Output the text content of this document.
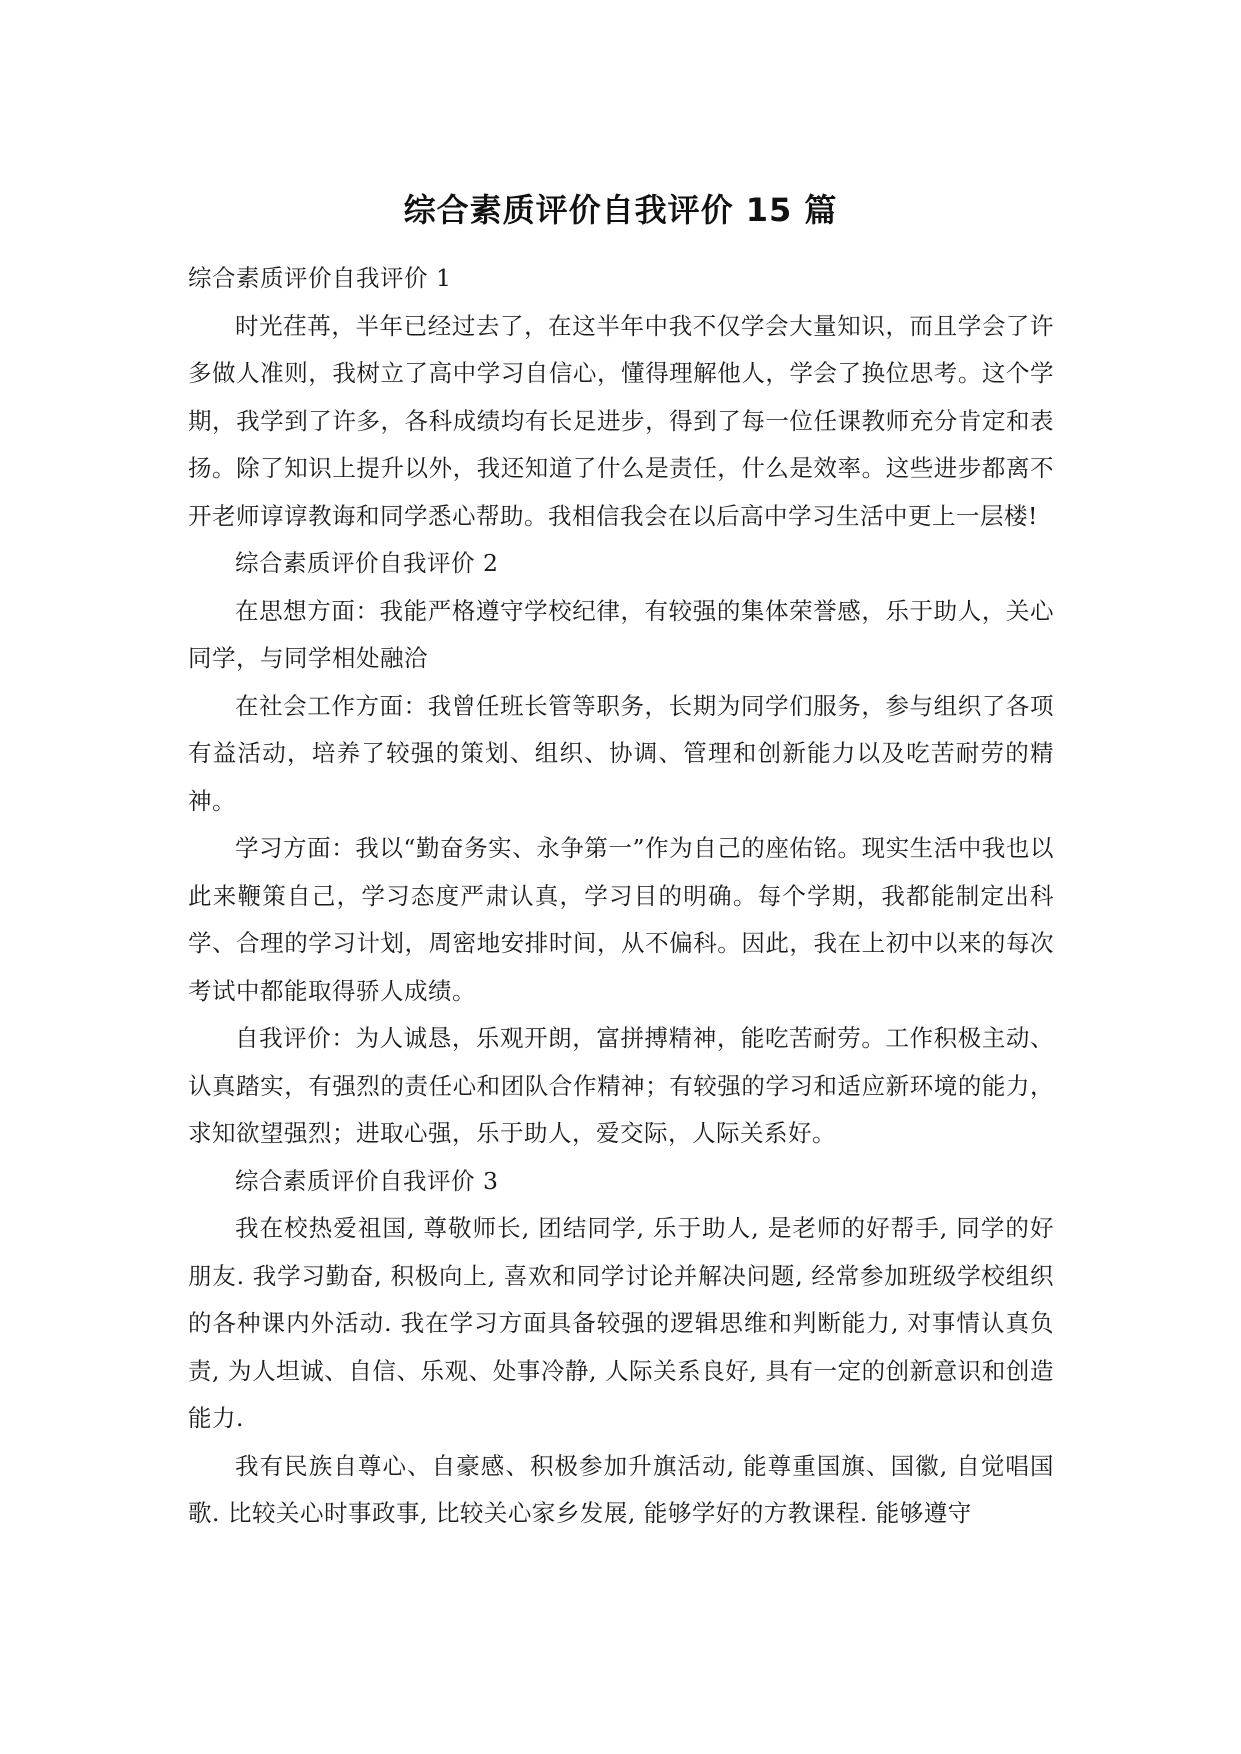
综合素质评价自我评价 15 篇

综合素质评价自我评价 1

时光荏苒，半年已经过去了，在这半年中我不仅学会大量知识，而且学会了许多做人准则，我树立了高中学习自信心，懂得理解他人，学会了换位思考。这个学期，我学到了许多，各科成绩均有长足进步，得到了每一位任课教师充分肯定和表扬。除了知识上提升以外，我还知道了什么是责任，什么是效率。这些进步都离不开老师谆谆教诲和同学悉心帮助。我相信我会在以后高中学习生活中更上一层楼!

综合素质评价自我评价 2

在思想方面：我能严格遵守学校纪律，有较强的集体荣誉感，乐于助人，关心同学，与同学相处融洽

在社会工作方面：我曾任班长管等职务，长期为同学们服务，参与组织了各项有益活动，培养了较强的策划、组织、协调、管理和创新能力以及吃苦耐劳的精神。

学习方面：我以“勤奋务实、永争第一”作为自己的座佑铭。现实生活中我也以此来鞭策自己，学习态度严肃认真，学习目的明确。每个学期，我都能制定出科学、合理的学习计划，周密地安排时间，从不偏科。因此，我在上初中以来的每次考试中都能取得骄人成绩。

自我评价：为人诚恳，乐观开朗，富拼搏精神，能吃苦耐劳。工作积极主动、认真踏实，有强烈的责任心和团队合作精神；有较强的学习和适应新环境的能力，求知欲望强烈；进取心强，乐于助人，爱交际，人际关系好。

综合素质评价自我评价 3

我在校热爱祖国, 尊敬师长, 团结同学, 乐于助人, 是老师的好帮手, 同学的好朋友. 我学习勤奋, 积极向上, 喜欢和同学讨论并解决问题, 经常参加班级学校组织的各种课内外活动. 我在学习方面具备较强的逻辑思维和判断能力, 对事情认真负责, 为人坦诚、自信、乐观、处事冷静, 人际关系良好, 具有一定的创新意识和创造能力.

我有民族自尊心、自豪感、积极参加升旗活动, 能尊重国旗、国徽, 自觉唱国歌. 比较关心时事政事, 比较关心家乡发展, 能够学好的方教课程. 能够遵守
